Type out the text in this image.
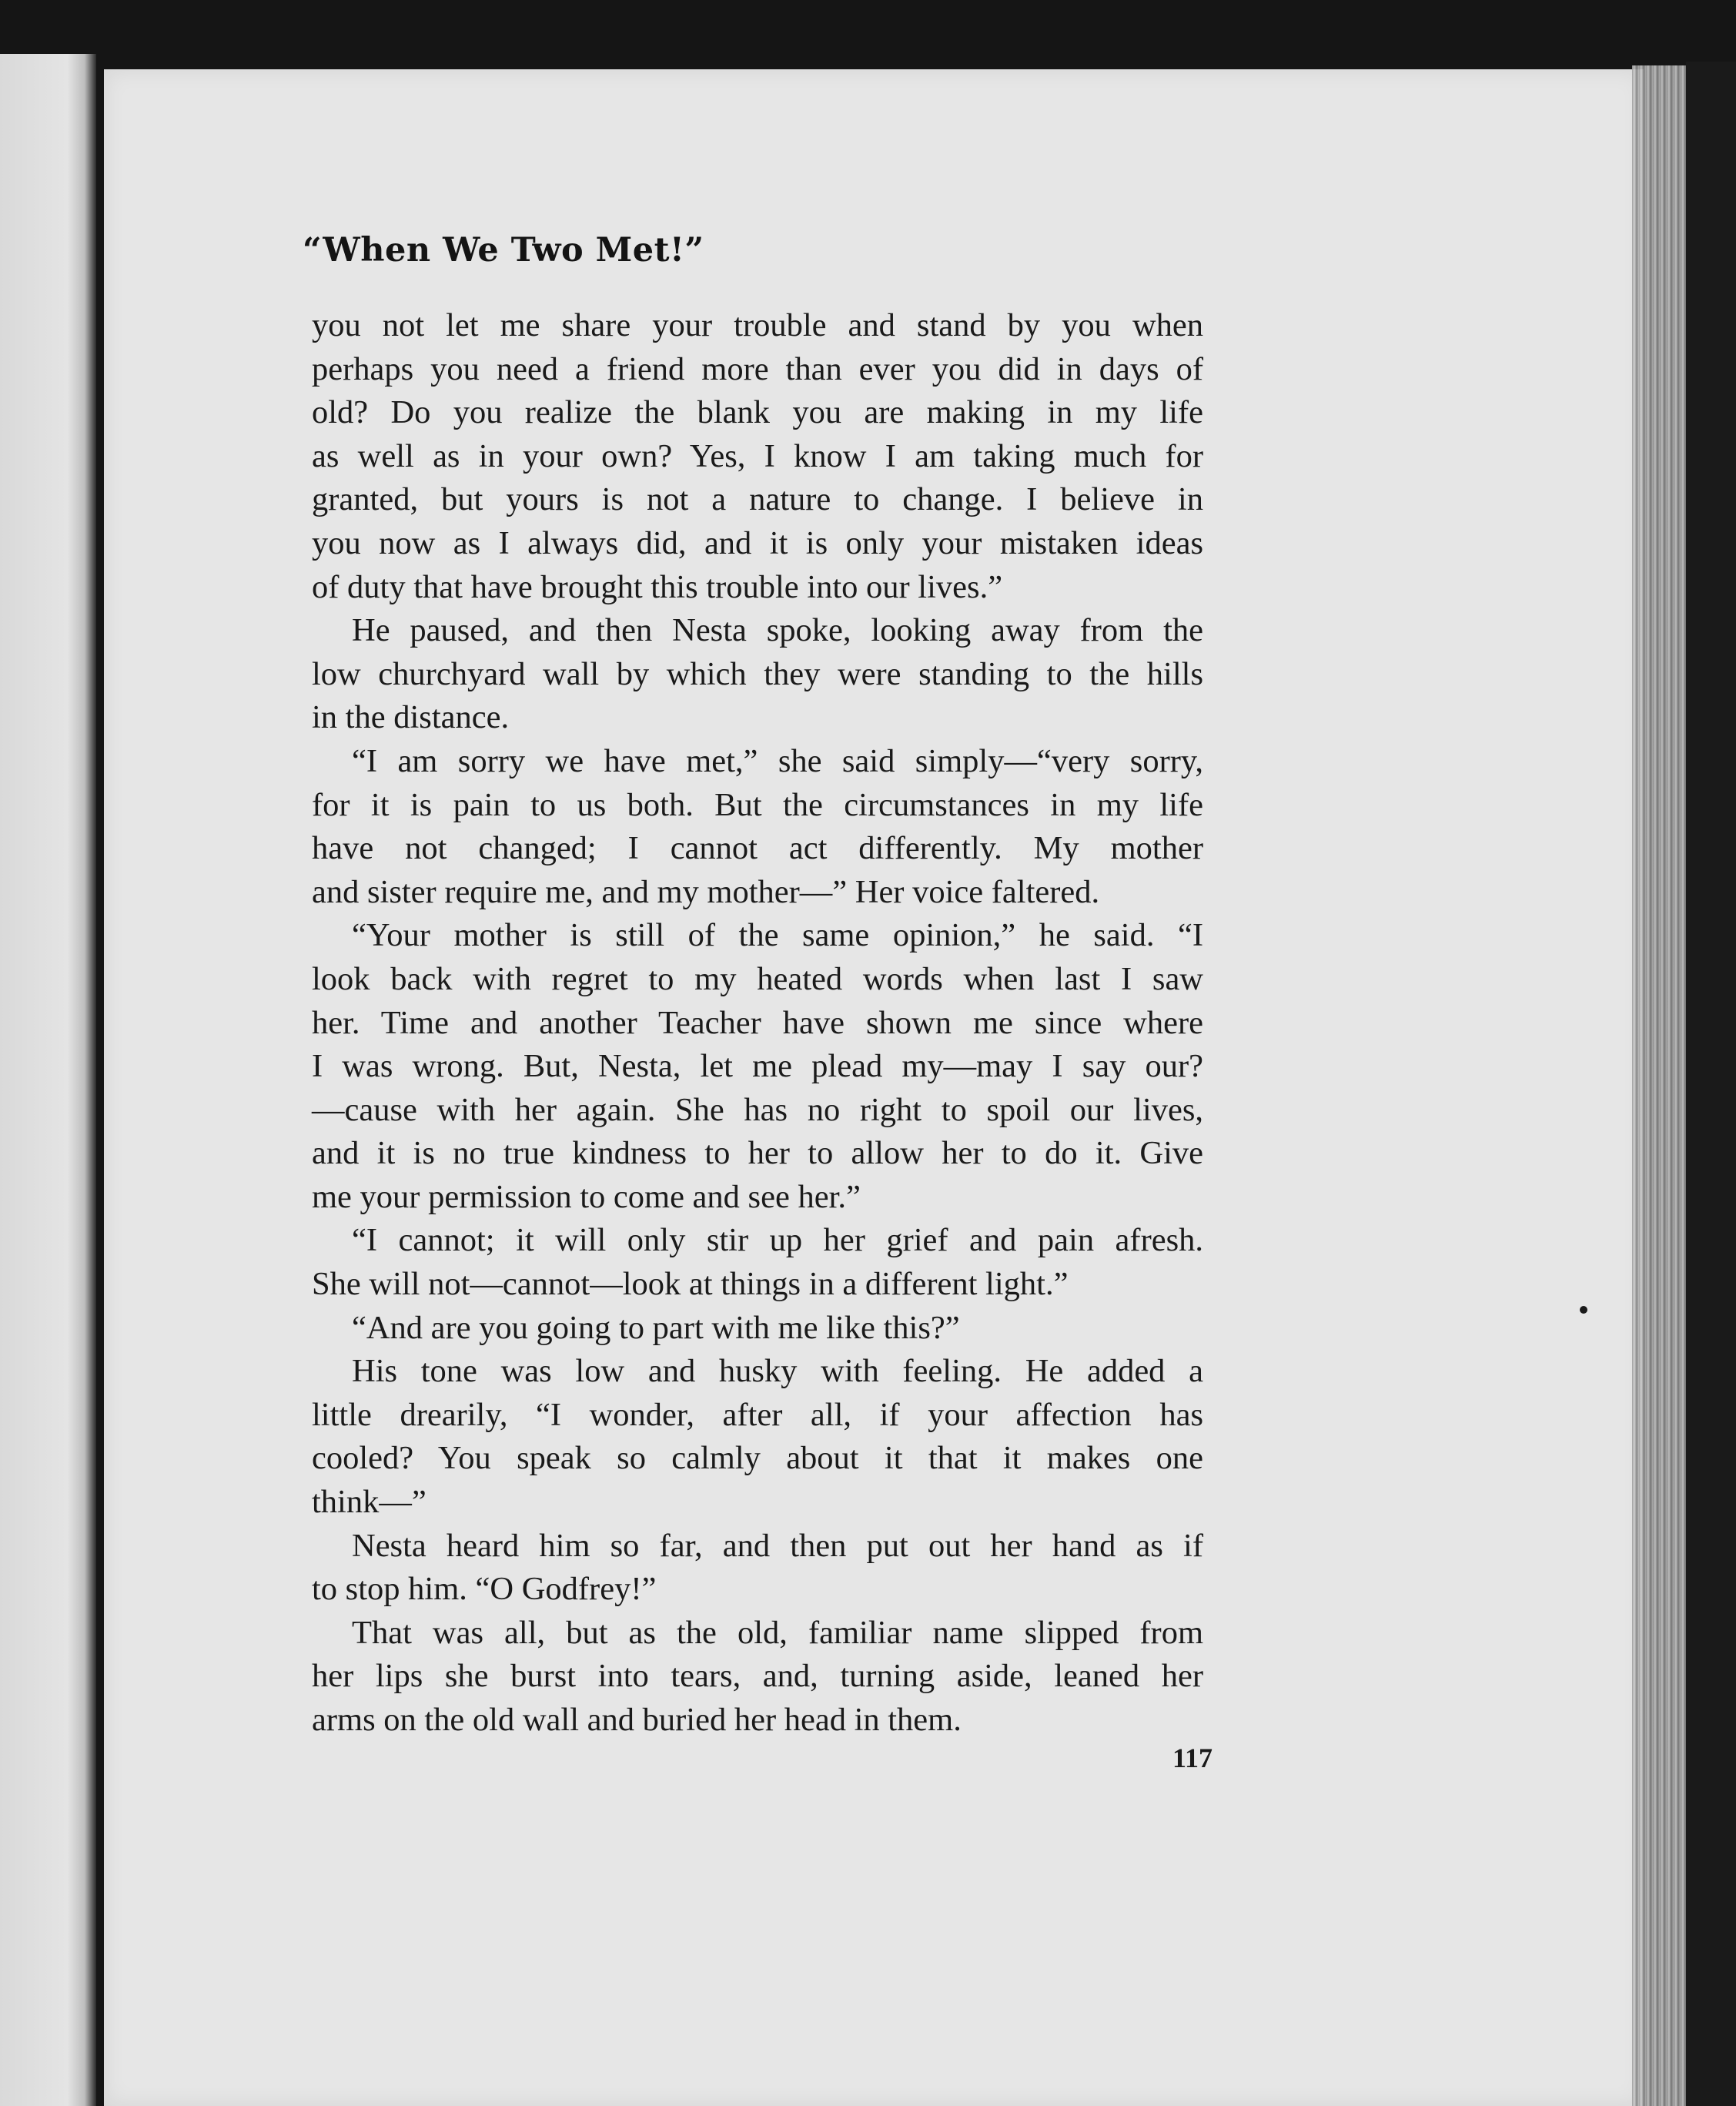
“When We Two Met!”

you not let me share your trouble and stand by you when

perhaps you need a friend more than ever you did in days of

old? Do you realize the blank you are making in my life

as well as in your own? Yes, I know I am taking much for

granted, but yours is not a nature to change. I believe in

you now as I always did, and it is only your mistaken ideas

of duty that have brought this trouble into our lives.”

He paused, and then Nesta spoke, looking away from the

low churchyard wall by which they were standing to the hills

in the distance.

“I am sorry we have met,” she said simply—“very sorry,

for it is pain to us both. But the circumstances in my life

have not changed; I cannot act differently. My mother

and sister require me, and my mother—” Her voice faltered.

“Your mother is still of the same opinion,” he said. “I

look back with regret to my heated words when last I saw

her. Time and another Teacher have shown me since where

I was wrong. But, Nesta, let me plead my—may I say our?

—cause with her again. She has no right to spoil our lives,

and it is no true kindness to her to allow her to do it. Give

me your permission to come and see her.”

“I cannot; it will only stir up her grief and pain afresh.

She will not—cannot—look at things in a different light.”

“And are you going to part with me like this?”

His tone was low and husky with feeling. He added a

little drearily, “I wonder, after all, if your affection has

cooled? You speak so calmly about it that it makes one

think—”

Nesta heard him so far, and then put out her hand as if

to stop him. “O Godfrey!”

That was all, but as the old, familiar name slipped from

her lips she burst into tears, and, turning aside, leaned her

arms on the old wall and buried her head in them.

117
